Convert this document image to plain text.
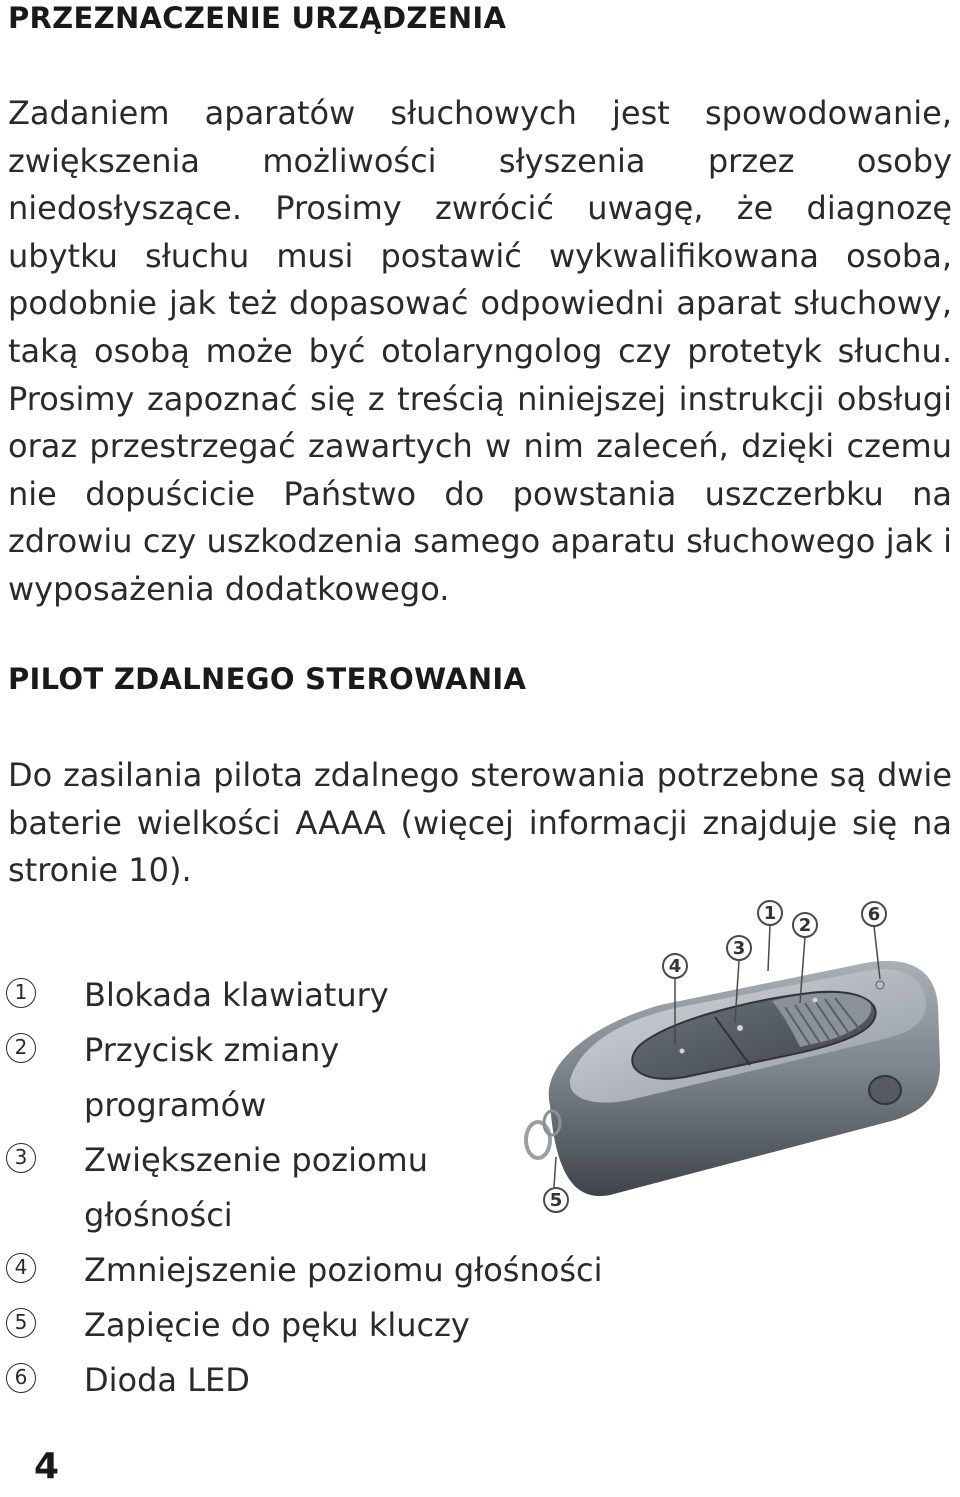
PRZEZNACZENIE URZĄDZENIA

Zadaniem aparatów słuchowych jest spowodowanie, zwiększenia możliwości słyszenia przez osoby niedosłyszące. Prosimy zwrócić uwagę, że diagnozę ubytku słuchu musi postawić wykwalifikowana osoba, podobnie jak też dopasować odpowiedni aparat słuchowy, taką osobą może być otolaryngolog czy protetyk słuchu. Prosimy zapoznać się z treścią niniejszej instrukcji obsługi oraz przestrzegać zawartych w nim zaleceń, dzięki czemu nie dopuścicie Państwo do powstania uszczerbku na zdrowiu czy uszkodzenia samego aparatu słuchowego jak i wyposażenia dodatkowego.

PILOT ZDALNEGO STEROWANIA

Do zasilania pilota zdalnego sterowania potrzebne są dwie baterie wielkości AAAA (więcej informacji znajduje się na stronie 10).

1 Blokada klawiatury
2 Przycisk zmiany
programów
3 Zwiększenie poziomu
głośności
4 Zmniejszenie poziomu głośności
5 Zapięcie do pęku kluczy
6 Dioda LED
1
2
3
4
5
6
4
